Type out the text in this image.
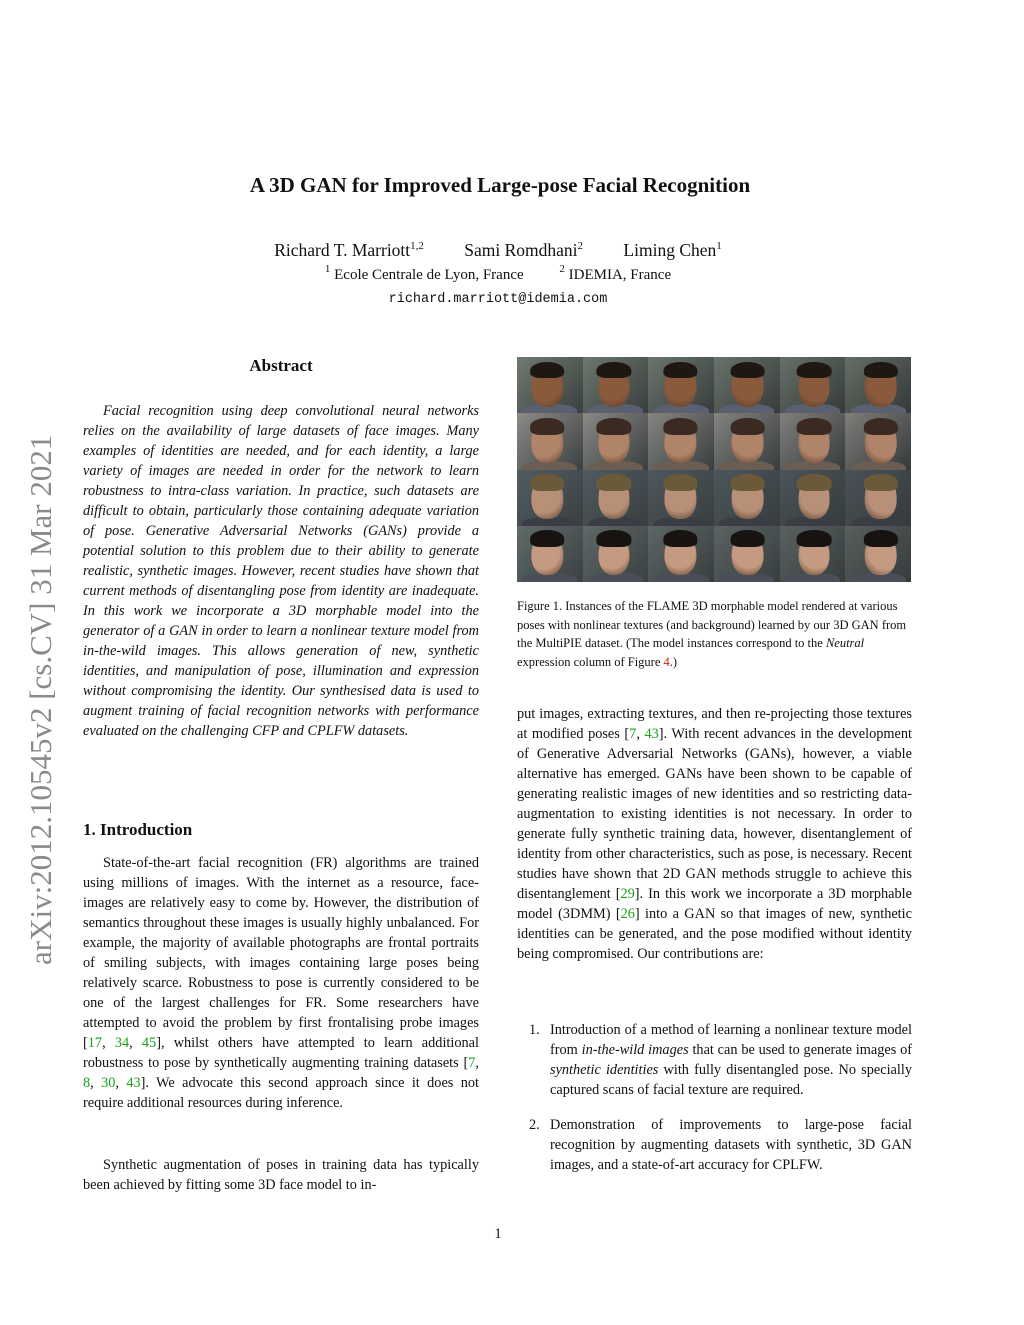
arXiv:2012.10545v2 [cs.CV] 31 Mar 2021
A 3D GAN for Improved Large-pose Facial Recognition
Richard T. Marriott$^{1,2}$ Sami Romdhani$^2$ Liming Chen$^1$
$^1$ Ecole Centrale de Lyon, France	$^2$ IDEMIA, France
richard.marriott@idemia.com
Abstract

Facial recognition using deep convolutional neural networks relies on the availability of large datasets of face images. Many examples of identities are needed, and for each identity, a large variety of images are needed in order for the network to learn robustness to intra-class variation. In practice, such datasets are difficult to obtain, particularly those containing adequate variation of pose. Generative Adversarial Networks (GANs) provide a potential solution to this problem due to their ability to generate realistic, synthetic images. However, recent studies have shown that current methods of disentangling pose from identity are inadequate. In this work we incorporate a 3D morphable model into the generator of a GAN in order to learn a nonlinear texture model from in-the-wild images. This allows generation of new, synthetic identities, and manipulation of pose, illumination and expression without compromising the identity. Our synthesised data is used to augment training of facial recognition networks with performance evaluated on the challenging CFP and CPLFW datasets.

1. Introduction

State-of-the-art facial recognition (FR) algorithms are trained using millions of images. With the internet as a resource, face-images are relatively easy to come by. However, the distribution of semantics throughout these images is usually highly unbalanced. For example, the majority of available photographs are frontal portraits of smiling subjects, with images containing large poses being relatively scarce. Robustness to pose is currently considered to be one of the largest challenges for FR. Some researchers have attempted to avoid the problem by first frontalising probe images [17, 34, 45], whilst others have attempted to learn additional robustness to pose by synthetically augmenting training datasets [7, 8, 30, 43]. We advocate this second approach since it does not require additional resources during inference.

Synthetic augmentation of poses in training data has typically been achieved by fitting some 3D face model to in-

Figure 1. Instances of the FLAME 3D morphable model rendered at various poses with nonlinear textures (and background) learned by our 3D GAN from the MultiPIE dataset. (The model instances correspond to the Neutral expression column of Figure 4.)

put images, extracting textures, and then re-projecting those textures at modified poses [7, 43]. With recent advances in the development of Generative Adversarial Networks (GANs), however, a viable alternative has emerged. GANs have been shown to be capable of generating realistic images of new identities and so restricting data-augmentation to existing identities is not necessary. In order to generate fully synthetic training data, however, disentanglement of identity from other characteristics, such as pose, is necessary. Recent studies have shown that 2D GAN methods struggle to achieve this disentanglement [29]. In this work we incorporate a 3D morphable model (3DMM) [26] into a GAN so that images of new, synthetic identities can be generated, and the pose modified without identity being compromised. Our contributions are:

1. Introduction of a method of learning a nonlinear texture model from in-the-wild images that can be used to generate images of synthetic identities with fully disentangled pose. No specially captured scans of facial texture are required.
2. Demonstration of improvements to large-pose facial recognition by augmenting datasets with synthetic, 3D GAN images, and a state-of-art accuracy for CPLFW.
1
